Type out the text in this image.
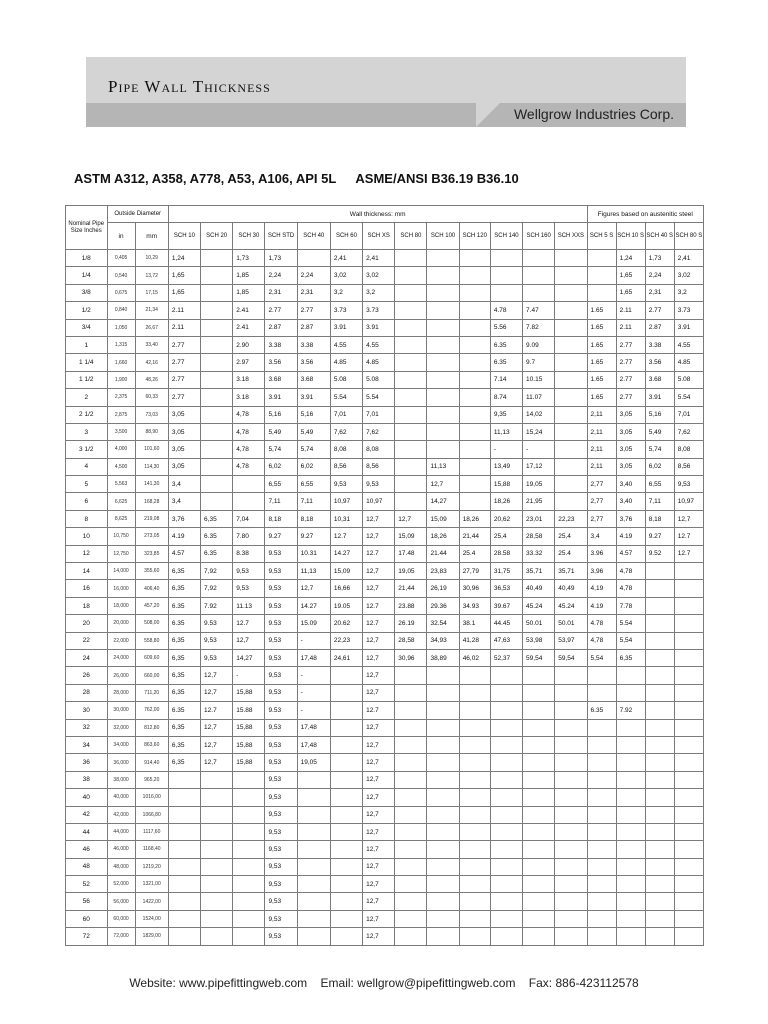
Pipe Wall Thickness
Wellgrow Industries Corp.
ASTM A312, A358, A778, A53, A106, API 5L ASME/ANSI B36.19 B36.10
Nominal Pipe Size Inches	Outside Diameter		Wall thickness: mm													Figures based on austenitic steel			
	in	mm	SCH 10	SCH 20	SCH 30	SCH STD	SCH 40	SCH 60	SCH XS	SCH 80	SCH 100	SCH 120	SCH 140	SCH 160	SCH XXS	SCH 5 S	SCH 10 S	SCH 40 S	SCH 80 S
1/8	0,405	10,29	1,24		1,73	1,73		2,41	2,41								1,24	1,73	2,41
1/4	0,540	13,72	1,65		1,85	2,24	2,24	3,02	3,02								1,65	2,24	3,02
3/8	0,675	17,15	1,65		1,85	2,31	2,31	3,2	3,2								1,65	2,31	3,2
1/2	0,840	21,34	2.11		2.41	2.77	2.77	3.73	3.73				4.78	7.47		1.65	2.11	2.77	3.73
3/4	1,050	26,67	2.11		2.41	2.87	2.87	3.91	3.91				5.56	7.82		1.65	2.11	2.87	3.91
1	1,315	33,40	2.77		2.90	3.38	3.38	4.55	4.55				6.35	9.09		1.65	2.77	3.38	4.55
1 1/4	1,660	42,16	2.77		2.97	3.56	3.56	4.85	4.85				6.35	9.7		1.65	2.77	3.56	4.85
1 1/2	1,900	48,26	2.77		3.18	3.68	3.68	5.08	5.08				7.14	10.15		1.65	2.77	3.68	5.08
2	2,375	60,33	2.77		3.18	3.91	3.91	5.54	5.54				8.74	11.07		1.65	2.77	3.91	5.54
2 1/2	2,875	73,03	3,05		4,78	5,16	5,16	7,01	7,01				9,35	14,02		2,11	3,05	5,16	7,01
3	3,500	88,90	3,05		4,78	5,49	5,49	7,62	7,62				11,13	15,24		2,11	3,05	5,49	7,62
3 1/2	4,000	101,60	3,05		4,78	5,74	5,74	8,08	8,08				-	-		2,11	3,05	5,74	8,08
4	4,500	114,30	3,05		4,78	6,02	6,02	8,56	8,56		11,13		13,49	17,12		2,11	3,05	6,02	8,56
5	5,563	141,30	3,4			6,55	6,55	9,53	9,53		12,7		15,88	19,05		2,77	3,40	6,55	9,53
6	6,625	168,28	3,4			7,11	7,11	10,97	10,97		14,27		18,26	21,95		2,77	3,40	7,11	10,97
8	8,625	219,08	3,76	6,35	7,04	8,18	8,18	10,31	12,7	12,7	15,09	18,26	20,62	23,01	22,23	2,77	3,76	8,18	12,7
10	10,750	273,05	4.19	6.35	7.80	9.27	9.27	12.7	12,7	15,09	18,26	21,44	25,4	28,58	25,4	3,4	4.19	9.27	12.7
12	12,750	323,85	4.57	6.35	8.38	9.53	10.31	14.27	12.7	17.48	21.44	25.4	28.58	33.32	25.4	3.96	4.57	9.52	12.7
14	14,000	355,60	6,35	7,92	9,53	9,53	11,13	15,09	12,7	19,05	23,83	27,79	31,75	35,71	35,71	3,96	4,78		
16	16,000	406,40	6,35	7,92	9,53	9,53	12,7	16,66	12,7	21,44	26,19	30,96	36,53	40,49	40,49	4,19	4,78		
18	18,000	457,20	6.35	7.92	11.13	9.53	14.27	19.05	12.7	23.88	29.36	34.93	39.67	45.24	45.24	4.19	7.78		
20	20,000	508,00	6.35	9.53	12.7	9.53	15.09	20.62	12.7	26.19	32.54	38.1	44.45	50.01	50.01	4.78	5.54		
22	22,000	558,80	6,35	9,53	12,7	9,53	-	22,23	12,7	28,58	34,93	41,28	47,63	53,98	53,97	4,78	5,54		
24	24,000	609,60	6,35	9,53	14,27	9,53	17,48	24,61	12,7	30,96	38,89	46,02	52,37	59,54	59,54	5,54	6,35		
26	26,000	660,00	6,35	12,7	-	9,53	-		12,7										
28	28,000	711,20	6,35	12,7	15,88	9,53	-		12,7										
30	30,000	762,00	6.35	12.7	15.88	9.53	-		12.7							6.35	7.92		
32	32,000	812,80	6,35	12,7	15,88	9,53	17,48		12,7										
34	34,000	863,60	6,35	12,7	15,88	9,53	17,48		12,7										
36	36,000	914,40	6,35	12,7	15,88	9,53	19,05		12,7										
38	38,000	965,20				9,53			12,7										
40	40,000	1016,00				9,53			12,7										
42	42,000	1066,80				9,53			12,7										
44	44,000	1117,60				9,53			12,7										
46	46,000	1168,40				9,53			12,7										
48	48,000	1219,20				9,53			12,7										
52	52,000	1321,00				9,53			12,7										
56	56,000	1422,00				9,53			12,7										
60	60,000	1524,00				9,53			12,7										
72	72,000	1829,00				9,53			12,7										
Website: www.pipefittingweb.com Email: wellgrow@pipefittingweb.com Fax: 886-423112578
